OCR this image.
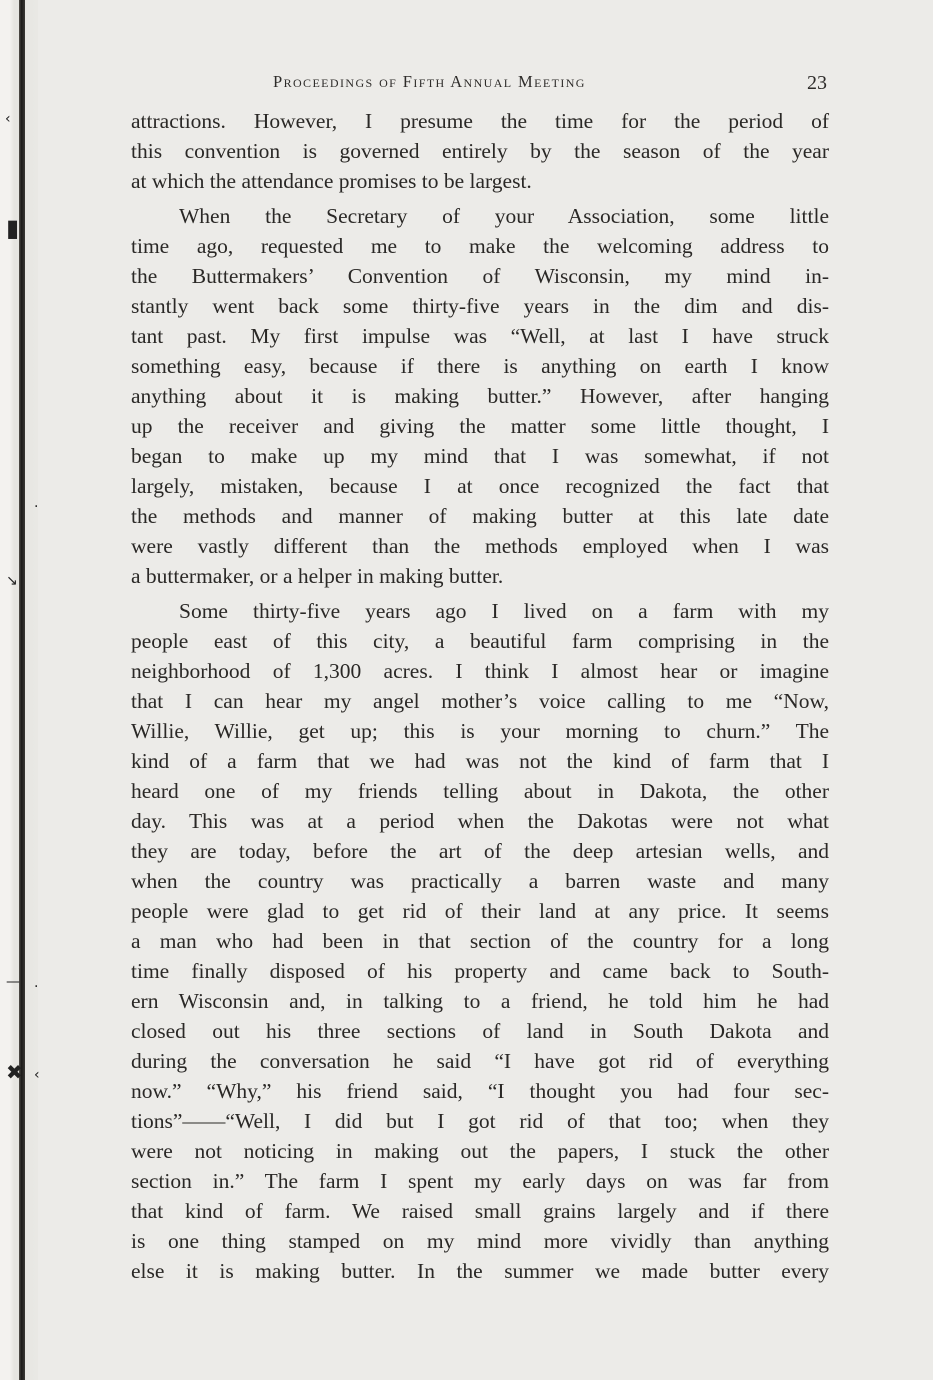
‹
▮
·
↘
— ·
✖ ‹
Proceedings of Fifth Annual Meeting	23
attractions. However, I presume the time for the period of
this convention is governed entirely by the season of the year
at which the attendance promises to be largest.
When the Secretary of your Association, some little
time ago, requested me to make the welcoming address to
the Buttermakers’ Convention of Wisconsin, my mind in-
stantly went back some thirty-five years in the dim and dis-
tant past. My first impulse was “Well, at last I have struck
something easy, because if there is anything on earth I know
anything about it is making butter.” However, after hanging
up the receiver and giving the matter some little thought, I
began to make up my mind that I was somewhat, if not
largely, mistaken, because I at once recognized the fact that
the methods and manner of making butter at this late date
were vastly different than the methods employed when I was
a buttermaker, or a helper in making butter.
Some thirty-five years ago I lived on a farm with my
people east of this city, a beautiful farm comprising in the
neighborhood of 1,300 acres. I think I almost hear or imagine
that I can hear my angel mother’s voice calling to me “Now,
Willie, Willie, get up; this is your morning to churn.” The
kind of a farm that we had was not the kind of farm that I
heard one of my friends telling about in Dakota, the other
day. This was at a period when the Dakotas were not what
they are today, before the art of the deep artesian wells, and
when the country was practically a barren waste and many
people were glad to get rid of their land at any price. It seems
a man who had been in that section of the country for a long
time finally disposed of his property and came back to South-
ern Wisconsin and, in talking to a friend, he told him he had
closed out his three sections of land in South Dakota and
during the conversation he said “I have got rid of everything
now.” “Why,” his friend said, “I thought you had four sec-
tions”——“Well, I did but I got rid of that too; when they
were not noticing in making out the papers, I stuck the other
section in.” The farm I spent my early days on was far from
that kind of farm. We raised small grains largely and if there
is one thing stamped on my mind more vividly than anything
else it is making butter. In the summer we made butter every
